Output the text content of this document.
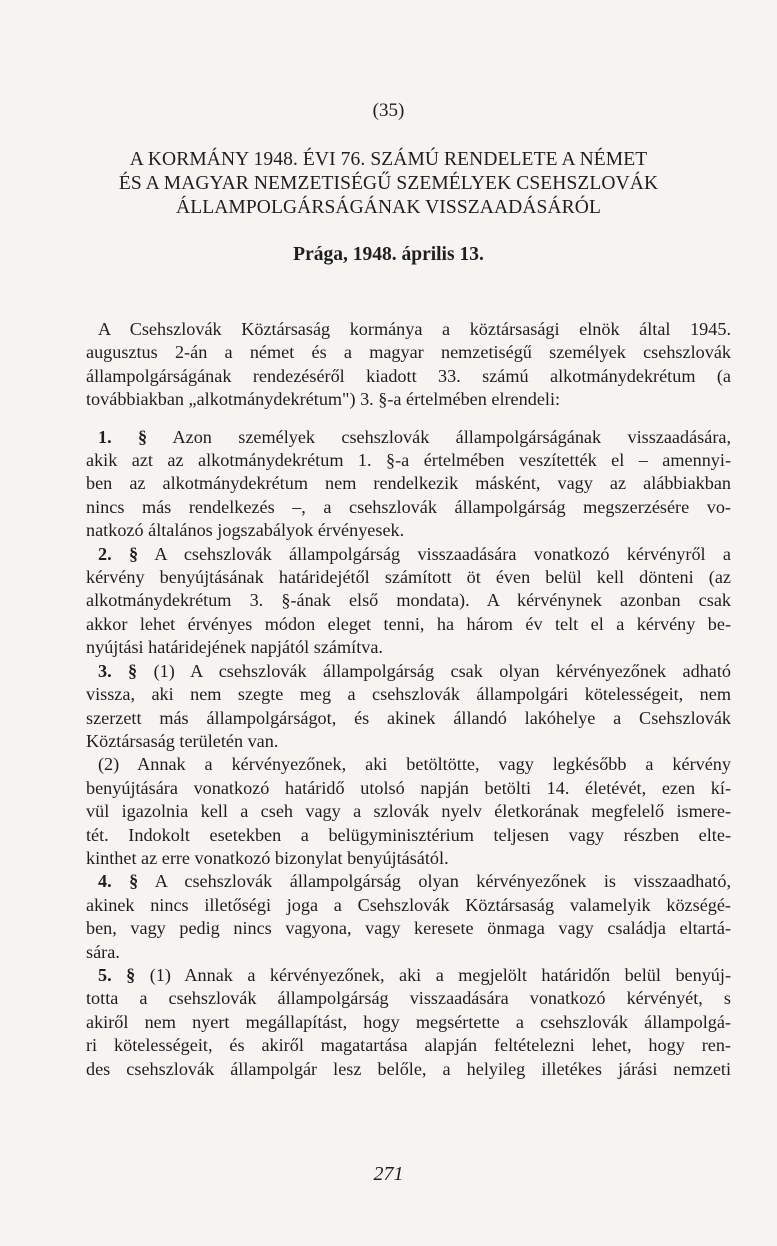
(35)
A KORMÁNY 1948. ÉVI 76. SZÁMÚ RENDELETE A NÉMET
ÉS A MAGYAR NEMZETISÉGŰ SZEMÉLYEK CSEHSZLOVÁK
ÁLLAMPOLGÁRSÁGÁNAK VISSZAADÁSÁRÓL
Prága, 1948. április 13.
A Csehszlovák Köztársaság kormánya a köztársasági elnök által 1945.
augusztus 2-án a német és a magyar nemzetiségű személyek csehszlovák
állampolgárságának rendezéséről kiadott 33. számú alkotmánydekrétum (a
továbbiakban „alkotmánydekrétum") 3. §-a értelmében elrendeli:
1. § Azon személyek csehszlovák állampolgárságának visszaadására,
akik azt az alkotmánydekrétum 1. §-a értelmében veszítették el – amennyi-
ben az alkotmánydekrétum nem rendelkezik másként, vagy az alábbiakban
nincs más rendelkezés –, a csehszlovák állampolgárság megszerzésére vo-
natkozó általános jogszabályok érvényesek.
2. § A csehszlovák állampolgárság visszaadására vonatkozó kérvényről a
kérvény benyújtásának határidejétől számított öt éven belül kell dönteni (az
alkotmánydekrétum 3. §-ának első mondata). A kérvénynek azonban csak
akkor lehet érvényes módon eleget tenni, ha három év telt el a kérvény be-
nyújtási határidejének napjától számítva.
3. § (1) A csehszlovák állampolgárság csak olyan kérvényezőnek adható
vissza, aki nem szegte meg a csehszlovák állampolgári kötelességeit, nem
szerzett más állampolgárságot, és akinek állandó lakóhelye a Csehszlovák
Köztársaság területén van.
(2) Annak a kérvényezőnek, aki betöltötte, vagy legkésőbb a kérvény
benyújtására vonatkozó határidő utolsó napján betölti 14. életévét, ezen kí-
vül igazolnia kell a cseh vagy a szlovák nyelv életkorának megfelelő ismere-
tét. Indokolt esetekben a belügyminisztérium teljesen vagy részben elte-
kinthet az erre vonatkozó bizonylat benyújtásától.
4. § A csehszlovák állampolgárság olyan kérvényezőnek is visszaadható,
akinek nincs illetőségi joga a Csehszlovák Köztársaság valamelyik községé-
ben, vagy pedig nincs vagyona, vagy keresete önmaga vagy családja eltartá-
sára.
5. § (1) Annak a kérvényezőnek, aki a megjelölt határidőn belül benyúj-
totta a csehszlovák állampolgárság visszaadására vonatkozó kérvényét, s
akiről nem nyert megállapítást, hogy megsértette a csehszlovák állampolgá-
ri kötelességeit, és akiről magatartása alapján feltételezni lehet, hogy ren-
des csehszlovák állampolgár lesz belőle, a helyileg illetékes járási nemzeti
271
